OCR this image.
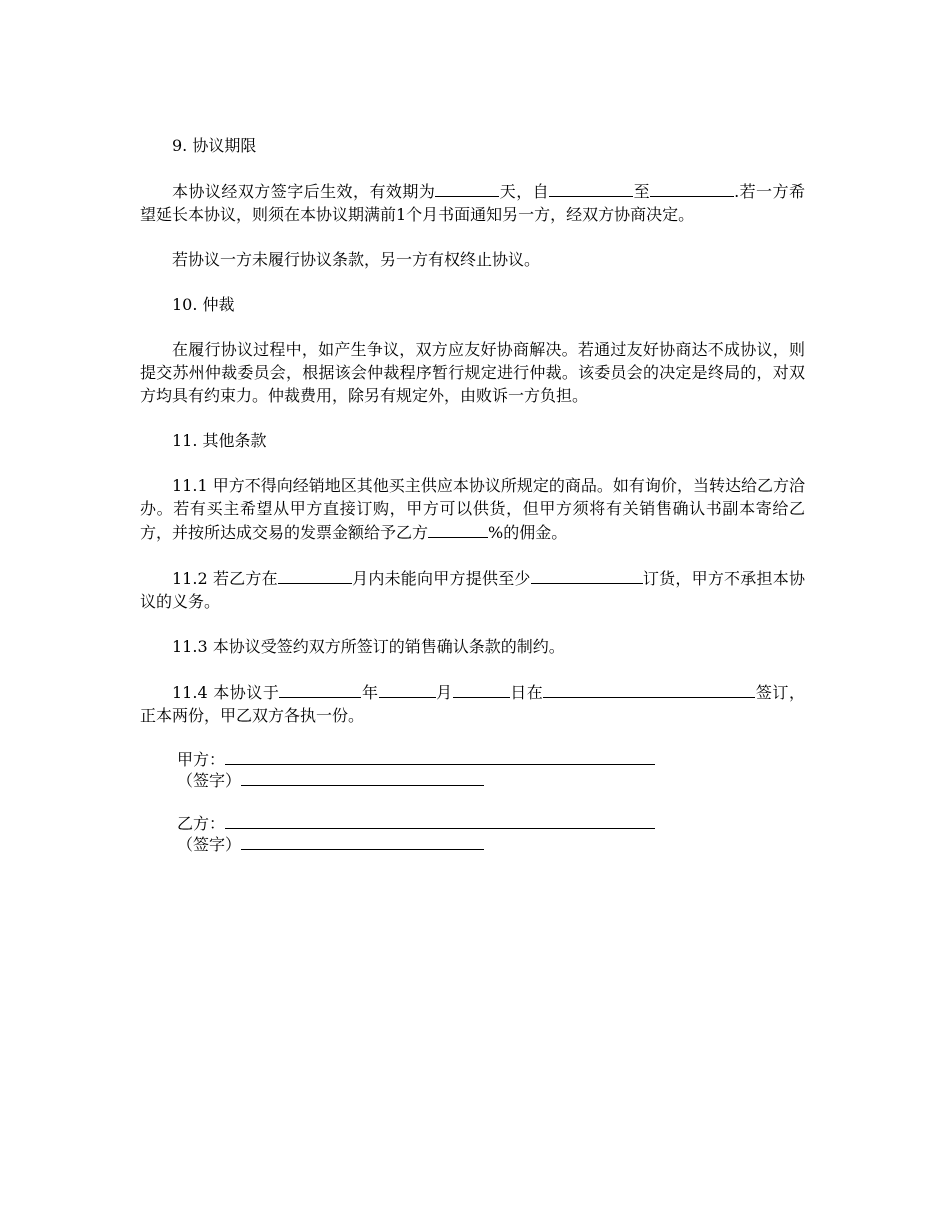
9. 协议期限

本协议经双方签字后生效，有效期为	天，自	至	.若一方希望延长本协议，则须在本协议期满前1个月书面通知另一方，经双方协商决定。

若协议一方未履行协议条款，另一方有权终止协议。

10. 仲裁

在履行协议过程中，如产生争议，双方应友好协商解决。若通过友好协商达不成协议，则提交苏州仲裁委员会，根据该会仲裁程序暂行规定进行仲裁。该委员会的决定是终局的，对双方均具有约束力。仲裁费用，除另有规定外，由败诉一方负担。

11. 其他条款

11.1 甲方不得向经销地区其他买主供应本协议所规定的商品。如有询价，当转达给乙方洽办。若有买主希望从甲方直接订购，甲方可以供货，但甲方须将有关销售确认书副本寄给乙方，并按所达成交易的发票金额给予乙方	%的佣金。

11.2 若乙方在	月内未能向甲方提供至少	订货，甲方不承担本协议的义务。

11.3 本协议受签约双方所签订的销售确认条款的制约。

11.4 本协议于	年	月	日在	签订，正本两份，甲乙双方各执一份。

甲方：
（签字）
乙方：
（签字）
